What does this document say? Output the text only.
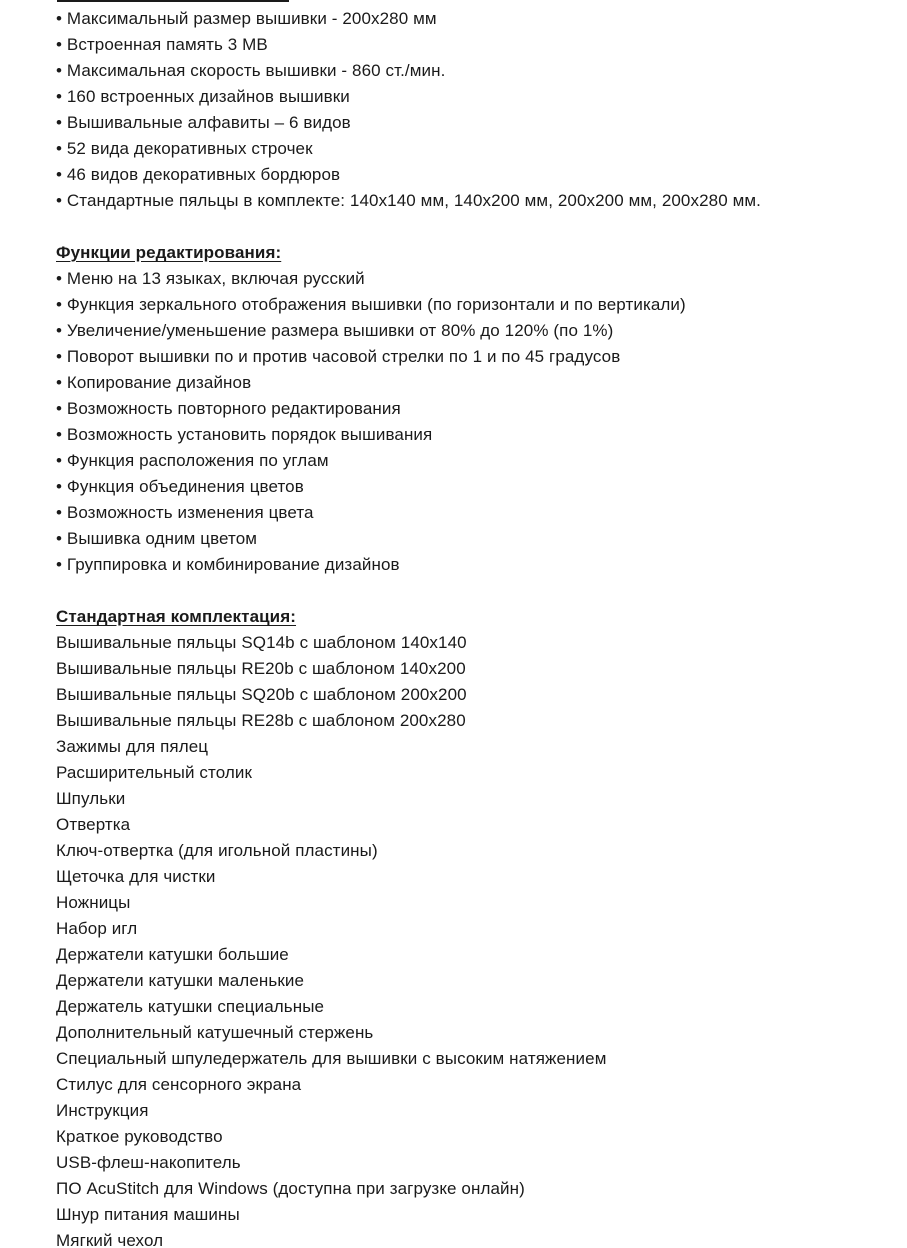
• Максимальный размер вышивки - 200x280 мм
• Встроенная память 3 МВ
• Максимальная скорость вышивки - 860 ст./мин.
• 160 встроенных дизайнов вышивки
• Вышивальные алфавиты – 6 видов
• 52 вида декоративных строчек
• 46 видов декоративных бордюров
• Стандартные пяльцы в комплекте: 140x140 мм, 140x200 мм, 200x200 мм, 200x280 мм.
Функции редактирования:
• Меню на 13 языках, включая русский
• Функция зеркального отображения вышивки (по горизонтали и по вертикали)
• Увеличение/уменьшение размера вышивки от 80% до 120% (по 1%)
• Поворот вышивки по и против часовой стрелки по 1 и по 45 градусов
• Копирование дизайнов
• Возможность повторного редактирования
• Возможность установить порядок вышивания
• Функция расположения по углам
• Функция объединения цветов
• Возможность изменения цвета
• Вышивка одним цветом
• Группировка и комбинирование дизайнов
Стандартная комплектация:
Вышивальные пяльцы SQ14b с шаблоном 140x140
Вышивальные пяльцы RE20b с шаблоном 140x200
Вышивальные пяльцы SQ20b с шаблоном 200x200
Вышивальные пяльцы RE28b с шаблоном 200x280
Зажимы для пялец
Расширительный столик
Шпульки
Отвертка
Ключ-отвертка (для игольной пластины)
Щеточка для чистки
Ножницы
Набор игл
Держатели катушки большие
Держатели катушки маленькие
Держатель катушки специальные
Дополнительный катушечный стержень
Специальный шпуледержатель для вышивки с высоким натяжением
Стилус для сенсорного экрана
Инструкция
Краткое руководство
USB-флеш-накопитель
ПО AcuStitch для Windows (доступна при загрузке онлайн)
Шнур питания машины
Мягкий чехол
